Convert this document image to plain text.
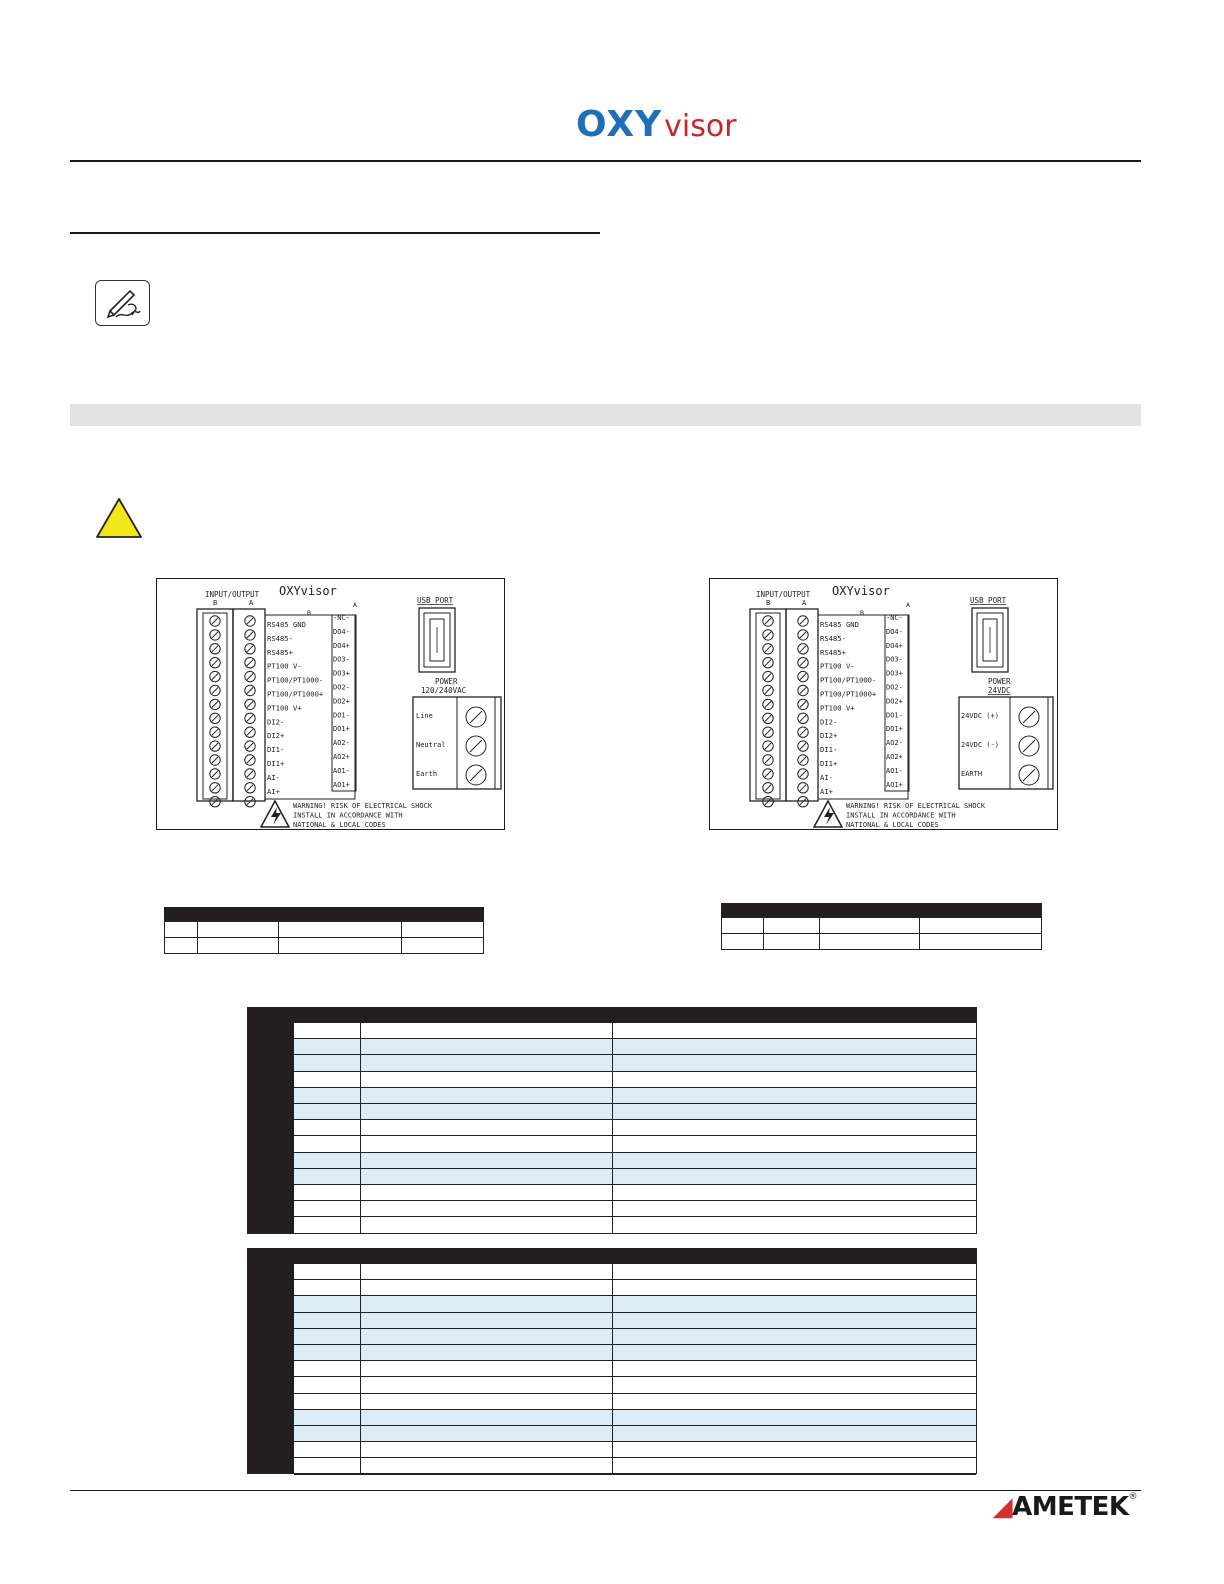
OXYvisor
INPUT/OUTPUT
B	A
OXYvisor
B
A
RS485 GND
RS485-
RS485+
PT100 V-
PT100/PT1000-
PT100/PT1000+
PT100 V+
DI2-
DI2+
DI1-
DI1+
AI-
AI+
-NC-
DO4-
DO4+
DO3-
DO3+
DO2-
DO2+
DO1-
DO1+
AO2-
AO2+
AO1-
AO1+
USB PORT
POWER
120/240VAC
Line
Neutral
Earth
WARNING! RISK OF ELECTRICAL SHOCK
INSTALL IN ACCORDANCE WITH
NATIONAL & LOCAL CODES
INPUT/OUTPUT
B	A
OXYvisor
B
A
RS485 GND
RS485-
RS485+
PT100 V-
PT100/PT1000-
PT100/PT1000+
PT100 V+
DI2-
DI2+
DI1-
DI1+
AI-
AI+
-NC-
DO4-
DO4+
DO3-
DO3+
DO2-
DO2+
DO1-
DO1+
AO2-
AO2+
AO1-
AO1+
USB PORT
POWER
24VDC
24VDC (+)
24VDC (-)
EARTH
WARNING! RISK OF ELECTRICAL SHOCK
INSTALL IN ACCORDANCE WITH
NATIONAL & LOCAL CODES

◢AMETEK®
